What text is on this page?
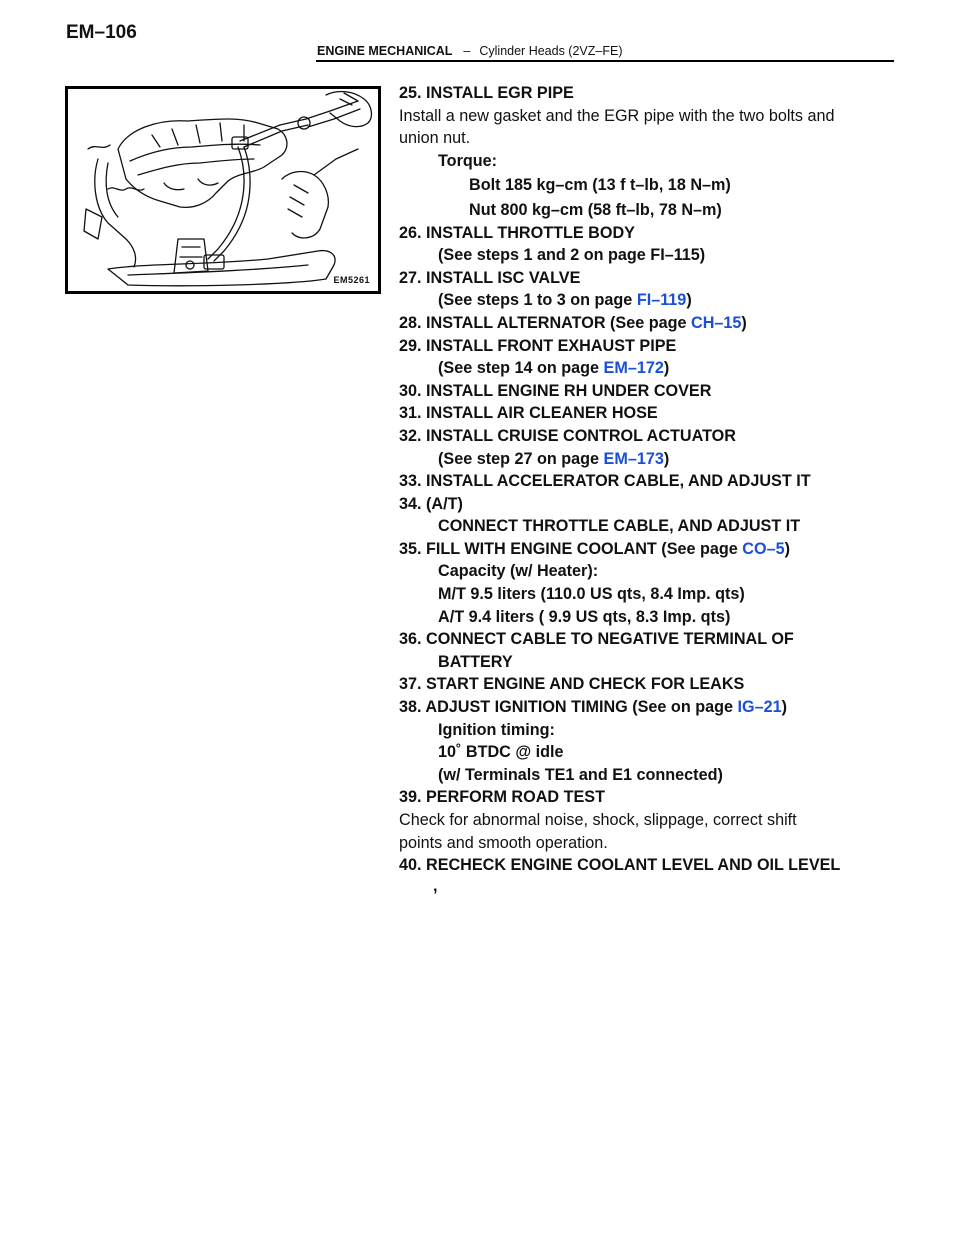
EM–106
ENGINE MECHANICAL – Cylinder Heads (2VZ–FE)
EM5261
25. INSTALL EGR PIPE
Install a new gasket and the EGR pipe with the two bolts and
union nut.
Torque:
Bolt 185 kg–cm (13 f t–lb, 18 N–m)
Nut 800 kg–cm (58 ft–lb, 78 N–m)
26. INSTALL THROTTLE BODY
(See steps 1 and 2 on page FI–115)
27. INSTALL ISC VALVE
(See steps 1 to 3 on page FI–119)
28. INSTALL ALTERNATOR (See page CH–15)
29. INSTALL FRONT EXHAUST PIPE
(See step 14 on page EM–172)
30. INSTALL ENGINE RH UNDER COVER
31. INSTALL AIR CLEANER HOSE
32. INSTALL CRUISE CONTROL ACTUATOR
(See step 27 on page EM–173)
33. INSTALL ACCELERATOR CABLE, AND ADJUST IT
34. (A/T)
CONNECT THROTTLE CABLE, AND ADJUST IT
35. FILL WITH ENGINE COOLANT (See page CO–5)
Capacity (w/ Heater):
M/T 9.5 liters (110.0 US qts, 8.4 Imp. qts)
A/T 9.4 liters ( 9.9 US qts, 8.3 Imp. qts)
36. CONNECT CABLE TO NEGATIVE TERMINAL OF
BATTERY
37. START ENGINE AND CHECK FOR LEAKS
38. ADJUST IGNITION TIMING (See on page IG–21)
Ignition timing:
10˚ BTDC @ idle
(w/ Terminals TE1 and E1 connected)
39. PERFORM ROAD TEST
Check for abnormal noise, shock, slippage, correct shift
points and smooth operation.
40. RECHECK ENGINE COOLANT LEVEL AND OIL LEVEL
,
